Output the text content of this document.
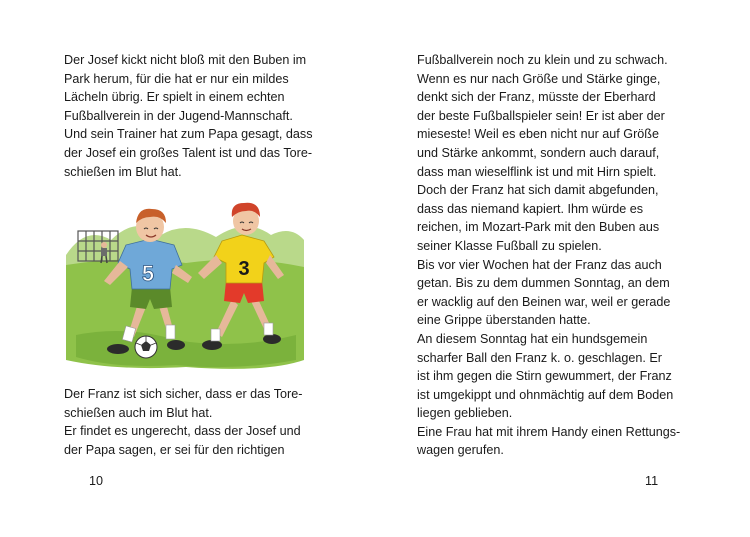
Der Josef kickt nicht bloß mit den Buben im
Park herum, für die hat er nur ein mildes
Lächeln übrig. Er spielt in einem echten
Fußballverein in der Jugend-Mannschaft.
Und sein Trainer hat zum Papa gesagt, dass
der Josef ein großes Talent ist und das Tore-
schießen im Blut hat.
5	3
Der Franz ist sich sicher, dass er das Tore-
schießen auch im Blut hat.
Er findet es ungerecht, dass der Josef und
der Papa sagen, er sei für den richtigen
10
Fußballverein noch zu klein und zu schwach.
Wenn es nur nach Größe und Stärke ginge,
denkt sich der Franz, müsste der Eberhard
der beste Fußballspieler sein! Er ist aber der
mieseste! Weil es eben nicht nur auf Größe
und Stärke ankommt, sondern auch darauf,
dass man wieselflink ist und mit Hirn spielt.
Doch der Franz hat sich damit abgefunden,
dass das niemand kapiert. Ihm würde es
reichen, im Mozart-Park mit den Buben aus
seiner Klasse Fußball zu spielen.
Bis vor vier Wochen hat der Franz das auch
getan. Bis zu dem dummen Sonntag, an dem
er wacklig auf den Beinen war, weil er gerade
eine Grippe überstanden hatte.
An diesem Sonntag hat ein hundsgemein
scharfer Ball den Franz k. o. geschlagen. Er
ist ihm gegen die Stirn gewummert, der Franz
ist umgekippt und ohnmächtig auf dem Boden
liegen geblieben.
Eine Frau hat mit ihrem Handy einen Rettungs-
wagen gerufen.
11
